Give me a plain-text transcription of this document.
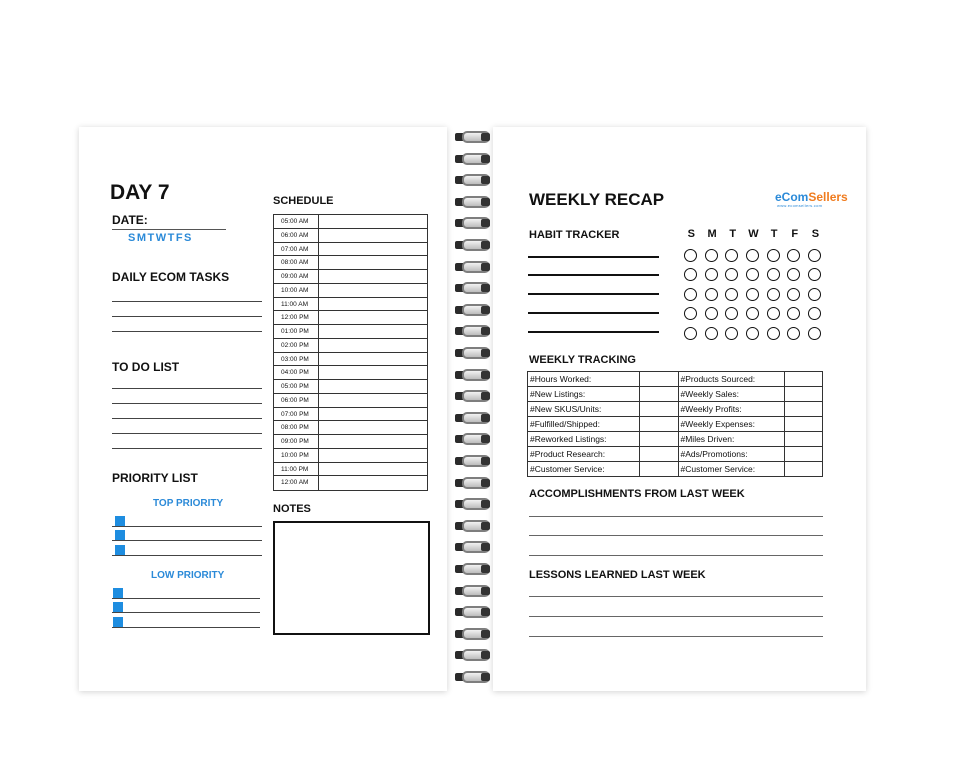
DAY 7
DATE:
SMTWTFS
DAILY ECOM TASKS
TO DO LIST
PRIORITY LIST
TOP PRIORITY
LOW PRIORITY
SCHEDULE
05:00 AM
06:00 AM
07:00 AM
08:00 AM
09:00 AM
10:00 AM
11:00 AM
12:00 PM
01:00 PM
02:00 PM
03:00 PM
04:00 PM
05:00 PM
06:00 PM
07:00 PM
08:00 PM
09:00 PM
10:00 PM
11:00 PM
12:00 AM
NOTES
WEEKLY RECAP	eComSellers
www.ecomsellers.com
HABIT TRACKER	S	M	T	W	T	F	S
WEEKLY TRACKING
#Hours Worked:		#Products Sourced:	
#New Listings:		#Weekly Sales:	
#New SKUS/Units:		#Weekly Profits:	
#Fulfilled/Shipped:		#Weekly Expenses:	
#Reworked Listings:		#Miles Driven:	
#Product Research:		#Ads/Promotions:	
#Customer Service:		#Customer Service:	
ACCOMPLISHMENTS FROM LAST WEEK
LESSONS LEARNED LAST WEEK
